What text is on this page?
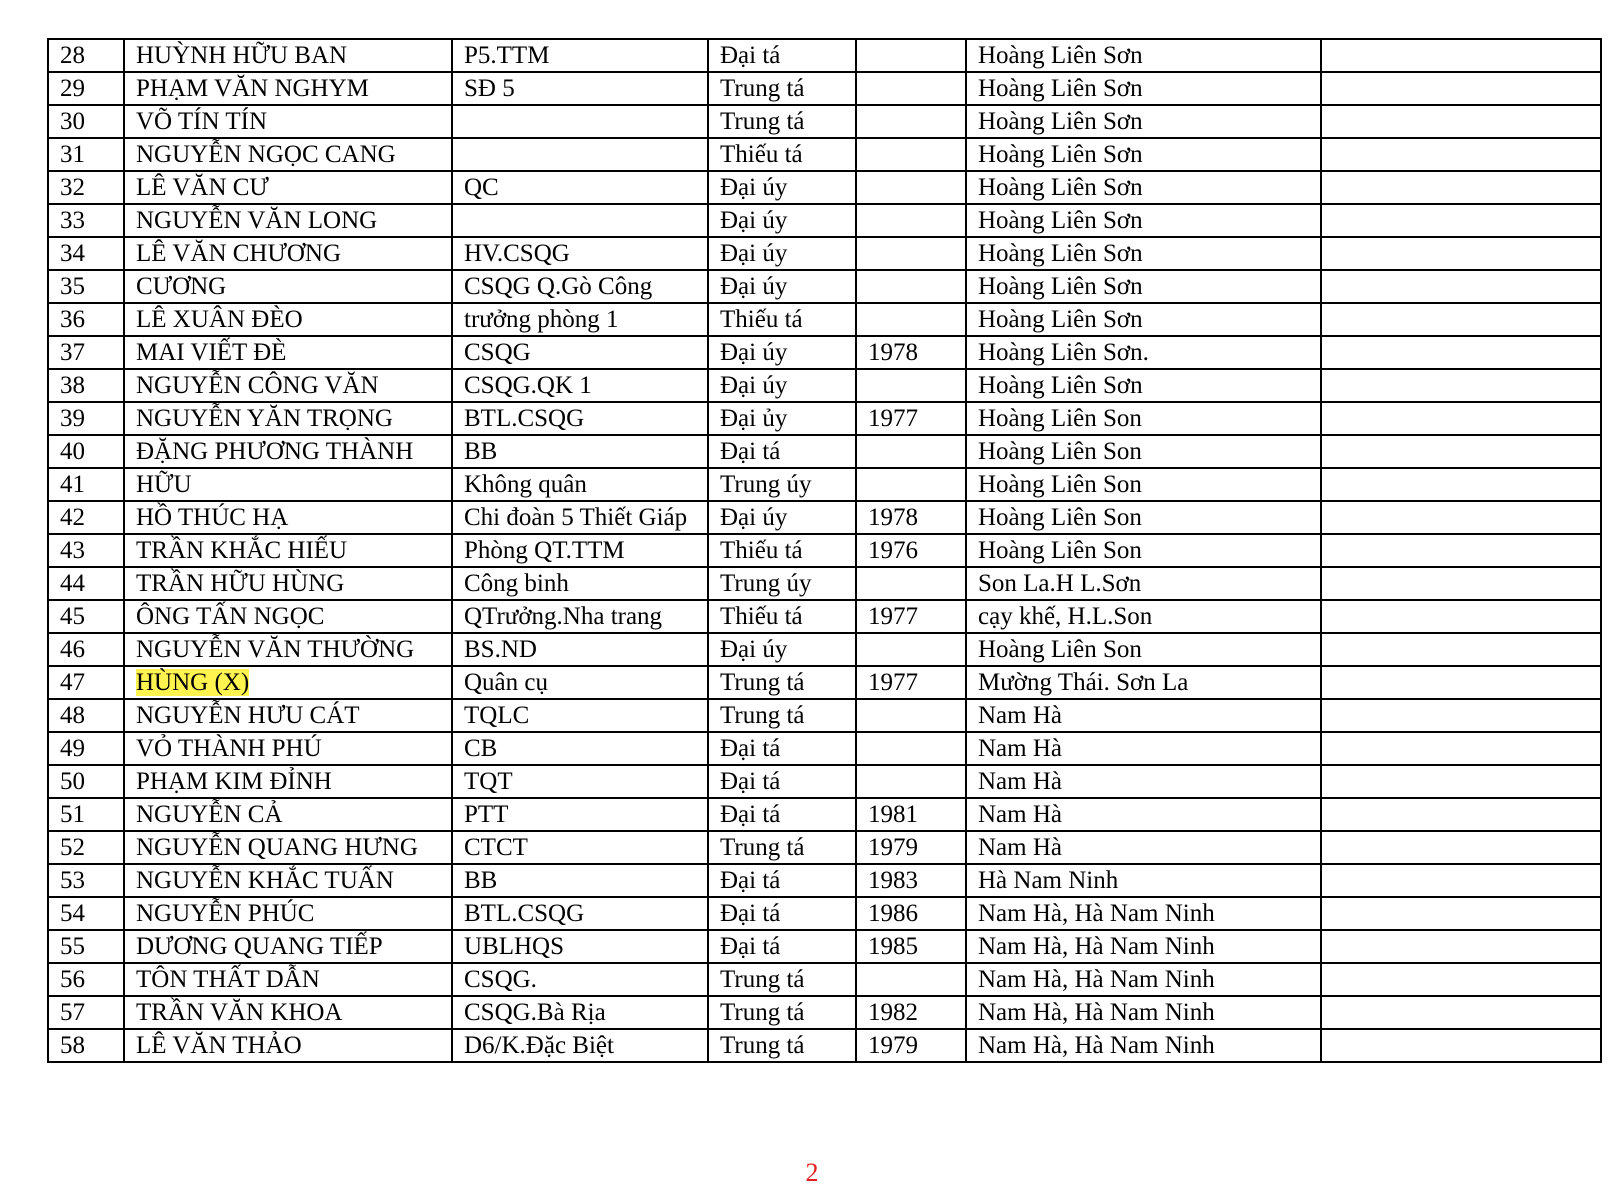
28	HUỲNH HỮU BAN	P5.TTM	Đại tá		Hoàng Liên Sơn	
29	PHẠM VĂN NGHYM	SĐ 5	Trung tá		Hoàng Liên Sơn	
30	VÕ TÍN TÍN		Trung tá		Hoàng Liên Sơn	
31	NGUYỄN NGỌC CANG		Thiếu tá		Hoàng Liên Sơn	
32	LÊ VĂN CƯ	QC	Đại úy		Hoàng Liên Sơn	
33	NGUYỄN VĂN LONG		Đại úy		Hoàng Liên Sơn	
34	LÊ VĂN CHƯƠNG	HV.CSQG	Đại úy		Hoàng Liên Sơn	
35	CƯƠNG	CSQG Q.Gò Công	Đại úy		Hoàng Liên Sơn	
36	LÊ XUÂN ĐÈO	trưởng phòng 1	Thiếu tá		Hoàng Liên Sơn	
37	MAI VIẾT ĐÈ	CSQG	Đại úy	1978	Hoàng Liên Sơn.	
38	NGUYỄN CÔNG VĂN	CSQG.QK 1	Đại úy		Hoàng Liên Sơn	
39	NGUYỄN YĂN TRỌNG	BTL.CSQG	Đại ủy	1977	Hoàng Liên Son	
40	ĐẶNG PHƯƠNG THÀNH	BB	Đại tá		Hoàng Liên Son	
41	HỮU	Không quân	Trung úy		Hoàng Liên Son	
42	HỒ THÚC HẠ	Chi đoàn 5 Thiết Giáp	Đại úy	1978	Hoàng Liên Son	
43	TRẦN KHẮC HIẾU	Phòng QT.TTM	Thiếu tá	1976	Hoàng Liên Son	
44	TRẦN HỮU HÙNG	Công binh	Trung úy		Son La.H L.Sơn	
45	ÔNG TẤN NGỌC	QTrưởng.Nha trang	Thiếu tá	1977	cạy khế, H.L.Son	
46	NGUYỄN VĂN THƯỜNG	BS.ND	Đại úy		Hoàng Liên Son	
47	HÙNG (X)	Quân cụ	Trung tá	1977	Mường Thái. Sơn La	
48	NGUYỄN HƯU CÁT	TQLC	Trung tá		Nam Hà	
49	VỎ THÀNH PHÚ	CB	Đại tá		Nam Hà	
50	PHẠM KIM ĐỈNH	TQT	Đại tá		Nam Hà	
51	NGUYỄN CẢ	PTT	Đại tá	1981	Nam Hà	
52	NGUYỄN QUANG HƯNG	CTCT	Trung tá	1979	Nam Hà	
53	NGUYỄN KHẮC TUẤN	BB	Đại tá	1983	Hà Nam Ninh	
54	NGUYỄN PHÚC	BTL.CSQG	Đại tá	1986	Nam Hà, Hà Nam Ninh	
55	DƯƠNG QUANG TIẾP	UBLHQS	Đại tá	1985	Nam Hà, Hà Nam Ninh	
56	TÔN THẤT DẪN	CSQG.	Trung tá		Nam Hà, Hà Nam Ninh	
57	TRẦN VĂN KHOA	CSQG.Bà Rịa	Trung tá	1982	Nam Hà, Hà Nam Ninh	
58	LÊ VĂN THẢO	D6/K.Đặc Biệt	Trung tá	1979	Nam Hà, Hà Nam Ninh	
2
